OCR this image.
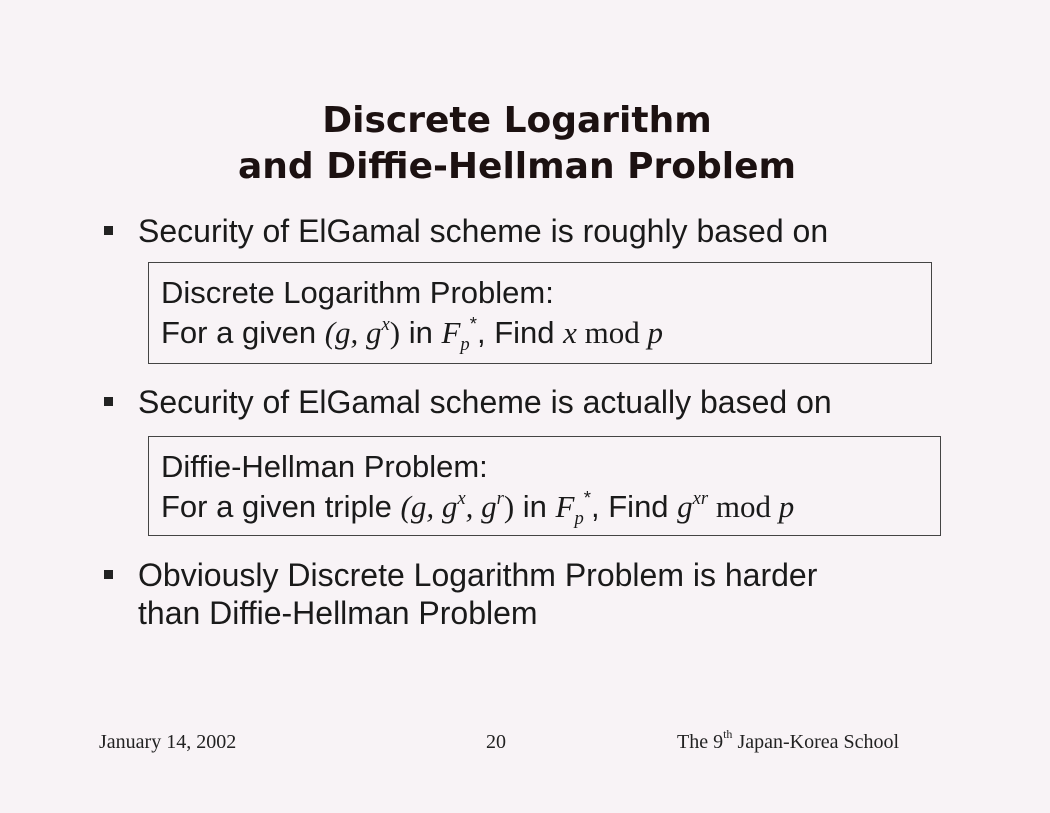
Discrete Logarithm
and Diffie-Hellman Problem
Security of ElGamal scheme is roughly based on
Discrete Logarithm Problem:
For a given (g, $g^x$) in $F_p^*$, Find x mod p
Security of ElGamal scheme is actually based on
Diffie-Hellman Problem:
For a given triple (g, $g^x$, $g^r$) in $F_p^*$, Find $g^{xr}$ mod p
Obviously Discrete Logarithm Problem is harder
than Diffie-Hellman Problem
January 14, 2002	20	The 9th Japan-Korea School
